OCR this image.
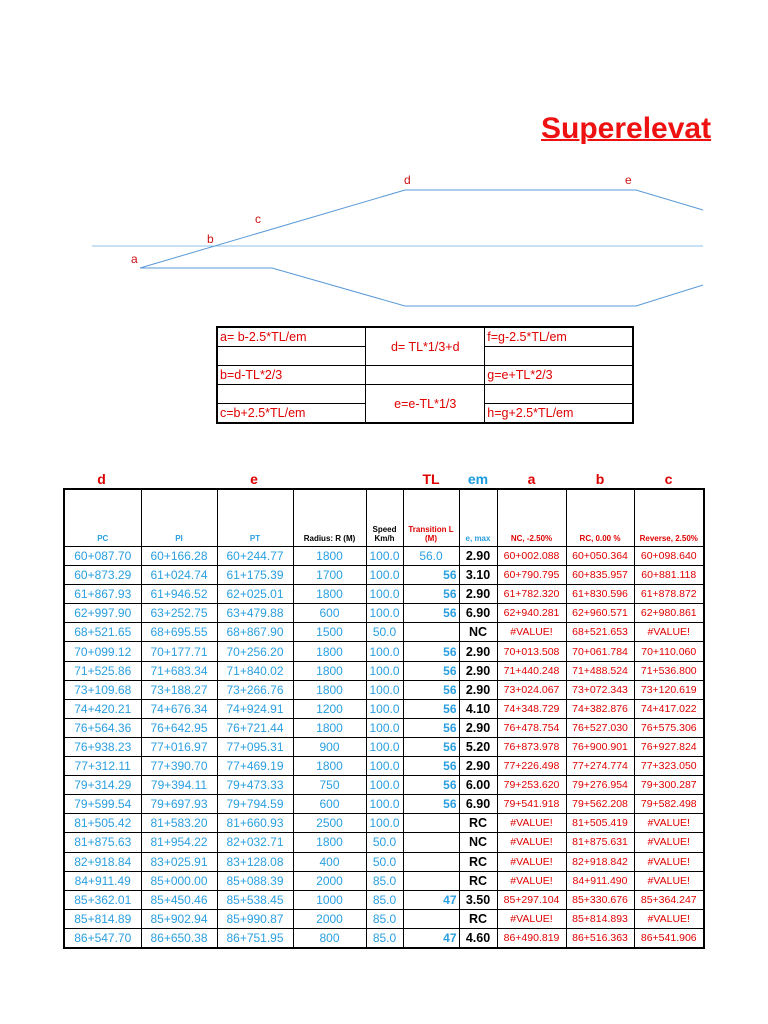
Superelevat
a
b
c
d	e
a= b-2.5*TL/em	d= TL*1/3+d	f=g-2.5*TL/em

b=d-TL*2/3		g=e+TL*2/3
	e=e-TL*1/3	
c=b+2.5*TL/em		h=g+2.5*TL/em
d	e	TL	em	a	b	c
PC	PI	PT	Radius: R (M)	Speed Km/h	Transition L (M)	e, max	NC, -2.50%	RC, 0.00 %	Reverse, 2.50%
60+087.70	60+166.28	60+244.77	1800	100.0	56.0	2.90	60+002.088	60+050.364	60+098.640
60+873.29	61+024.74	61+175.39	1700	100.0	56	3.10	60+790.795	60+835.957	60+881.118
61+867.93	61+946.52	62+025.01	1800	100.0	56	2.90	61+782.320	61+830.596	61+878.872
62+997.90	63+252.75	63+479.88	600	100.0	56	6.90	62+940.281	62+960.571	62+980.861
68+521.65	68+695.55	68+867.90	1500	50.0		NC	#VALUE!	68+521.653	#VALUE!
70+099.12	70+177.71	70+256.20	1800	100.0	56	2.90	70+013.508	70+061.784	70+110.060
71+525.86	71+683.34	71+840.02	1800	100.0	56	2.90	71+440.248	71+488.524	71+536.800
73+109.68	73+188.27	73+266.76	1800	100.0	56	2.90	73+024.067	73+072.343	73+120.619
74+420.21	74+676.34	74+924.91	1200	100.0	56	4.10	74+348.729	74+382.876	74+417.022
76+564.36	76+642.95	76+721.44	1800	100.0	56	2.90	76+478.754	76+527.030	76+575.306
76+938.23	77+016.97	77+095.31	900	100.0	56	5.20	76+873.978	76+900.901	76+927.824
77+312.11	77+390.70	77+469.19	1800	100.0	56	2.90	77+226.498	77+274.774	77+323.050
79+314.29	79+394.11	79+473.33	750	100.0	56	6.00	79+253.620	79+276.954	79+300.287
79+599.54	79+697.93	79+794.59	600	100.0	56	6.90	79+541.918	79+562.208	79+582.498
81+505.42	81+583.20	81+660.93	2500	100.0		RC	#VALUE!	81+505.419	#VALUE!
81+875.63	81+954.22	82+032.71	1800	50.0		NC	#VALUE!	81+875.631	#VALUE!
82+918.84	83+025.91	83+128.08	400	50.0		RC	#VALUE!	82+918.842	#VALUE!
84+911.49	85+000.00	85+088.39	2000	85.0		RC	#VALUE!	84+911.490	#VALUE!
85+362.01	85+450.46	85+538.45	1000	85.0	47	3.50	85+297.104	85+330.676	85+364.247
85+814.89	85+902.94	85+990.87	2000	85.0		RC	#VALUE!	85+814.893	#VALUE!
86+547.70	86+650.38	86+751.95	800	85.0	47	4.60	86+490.819	86+516.363	86+541.906
